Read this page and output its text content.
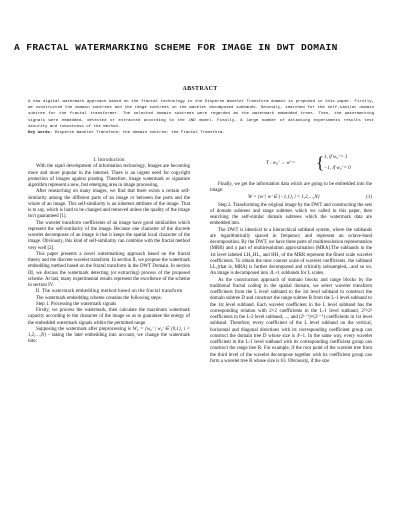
A FRACTAL WATERMARKING SCHEME FOR IMAGE IN DWT DOMAIN
ABSTRACT
A new digital watermark approach based on the fractal technology in the Disperse Wavelet Transform domain is proposed in this paper. Firstly, we constructed the domain subtrees and the range subtrees in the wavelet decomposed subbands. Secondly, searched for the self-similar domain subtree for the fractal transformer. The selected domain subtrees were regarded as the watermark embedded trees. Then, the watermarking signals were embedded, detected or extracted according to the JND model. Finally, A large number of attacking experiments results test security and robustness of the method.
Key words: Disperse Wavelet Transform; the domain subtree; the Fractal Transform.

I. Introduction

With the rapid development of information technology, Images are becoming more and more popular in the internet. There is an urgent need for copyright protection of images against pirating. Therefore, image watermark or signature algorithm represent a new, fast emerging area in image processing.

After researching on many images, we find that there exists a certain self-similarity among the different parts of an image or between the parts and the whole of an image. This self-similarity is an inherent attribute of the image. That is to say, which is hard to be changed and removed unless the quality of the image isn't guaranteed [1].

The wavelet transform coefficients of an image have good similarities which represent the self-similarity of the image. Because one character of the discrete wavelet decomposes of an image is that it keeps the spatial local character of the image. Obviously, this kind of self-similarity can combine with the fractal method very well [2].

This paper presents a novel watermarking approach based on the fractal theory and the discrete wavelet transform. In section II, we propose the watermark embedding method based on the fractal transform in the DWT Domain. In section III, we discuss the watermark detecting (or extracting) process of the proposed scheme. At last, many experimental results represent the excellence of the scheme in section IV.

II. The watermark embedding method based on the fractal transform

The watermark embedding scheme contains the following steps:

Step 1. Processing the watermark signals

Firstly, we process the watermark, then calculate the maximum watermark capacity according to the character of the image so as to guarantee the energy of the embedded watermark signals within the permitted range.

Supposing the watermark after preprocessing is W₀ = {w₀ⁱ | w₀ⁱ ∈ {0,1}, i = 1,2,…,N} - taking the later embedding into account, we change the watermark into:

T : w₀ⁱ → wⁱ = { 1, if w₀ⁱ = 1
−1, if w₀ⁱ = 0

Finally, we get the information data which are going to be embedded into the image:

W = {wⁱ | wⁱ ∈ {−1,1}, i = 1,2,…,N}	(1)

Step 2. Transforming the original image by the DWT and constructing the sets of domain subtrees and range subtrees which we called in this paper, then searching the self-similar domain subtrees which the watermark data are embedded into.

The DWT is identical to a hierarchical subband system, where the subbands are logarithmically spaced in frequency and represent an octave-band decomposition. By the DWT, we have three parts of multiresolution representation (MRR) and a part of multiresolution approximation (MRA).The subbands in the 1st level labeled LH₁,HL₁ and HH₁ of the MRR represent the finest scale wavelet coefficients. To obtain the next coarser scale of wavelet coefficients, the subband LL₁(that is, MRA) is further decomposed and critically subsampled,...and so on. An image is decomposed into 3L+1 subbands for L scales.

As the construction approach of domain blocks and range blocks by the traditional fractal coding in the spatial domain, we select wavelet transform coefficients from the L level subband to the 1st level subband to construct the domain subtree D and construct the range subtree R from the L-1 level subband to the 1st level subband. Each wavelet coefficient in the L level subband has the corresponding relation with 2×2 coefficients in the L-1 level subband, 2²×2² coefficients in the L-2 level subband, ..., and (2ᴸ⁻¹)×(2ᴸ⁻¹) coefficients in 1st level subband. Therefore, every coefficient of the L level subband on the vertical, horizontal and diagonal directions with its corresponding coefficient group can construct the domain tree D whose size is 4ᴸ-1. In the same way, every wavelet coefficient in the L-1 level subband with its corresponding coefficient group can construct the range tree R. For example, if the root point of the wavelet tree from the third level of the wavelet decompose together with its coefficient group can form a wavelet tree R whose size is 63. Obviously, if the size
